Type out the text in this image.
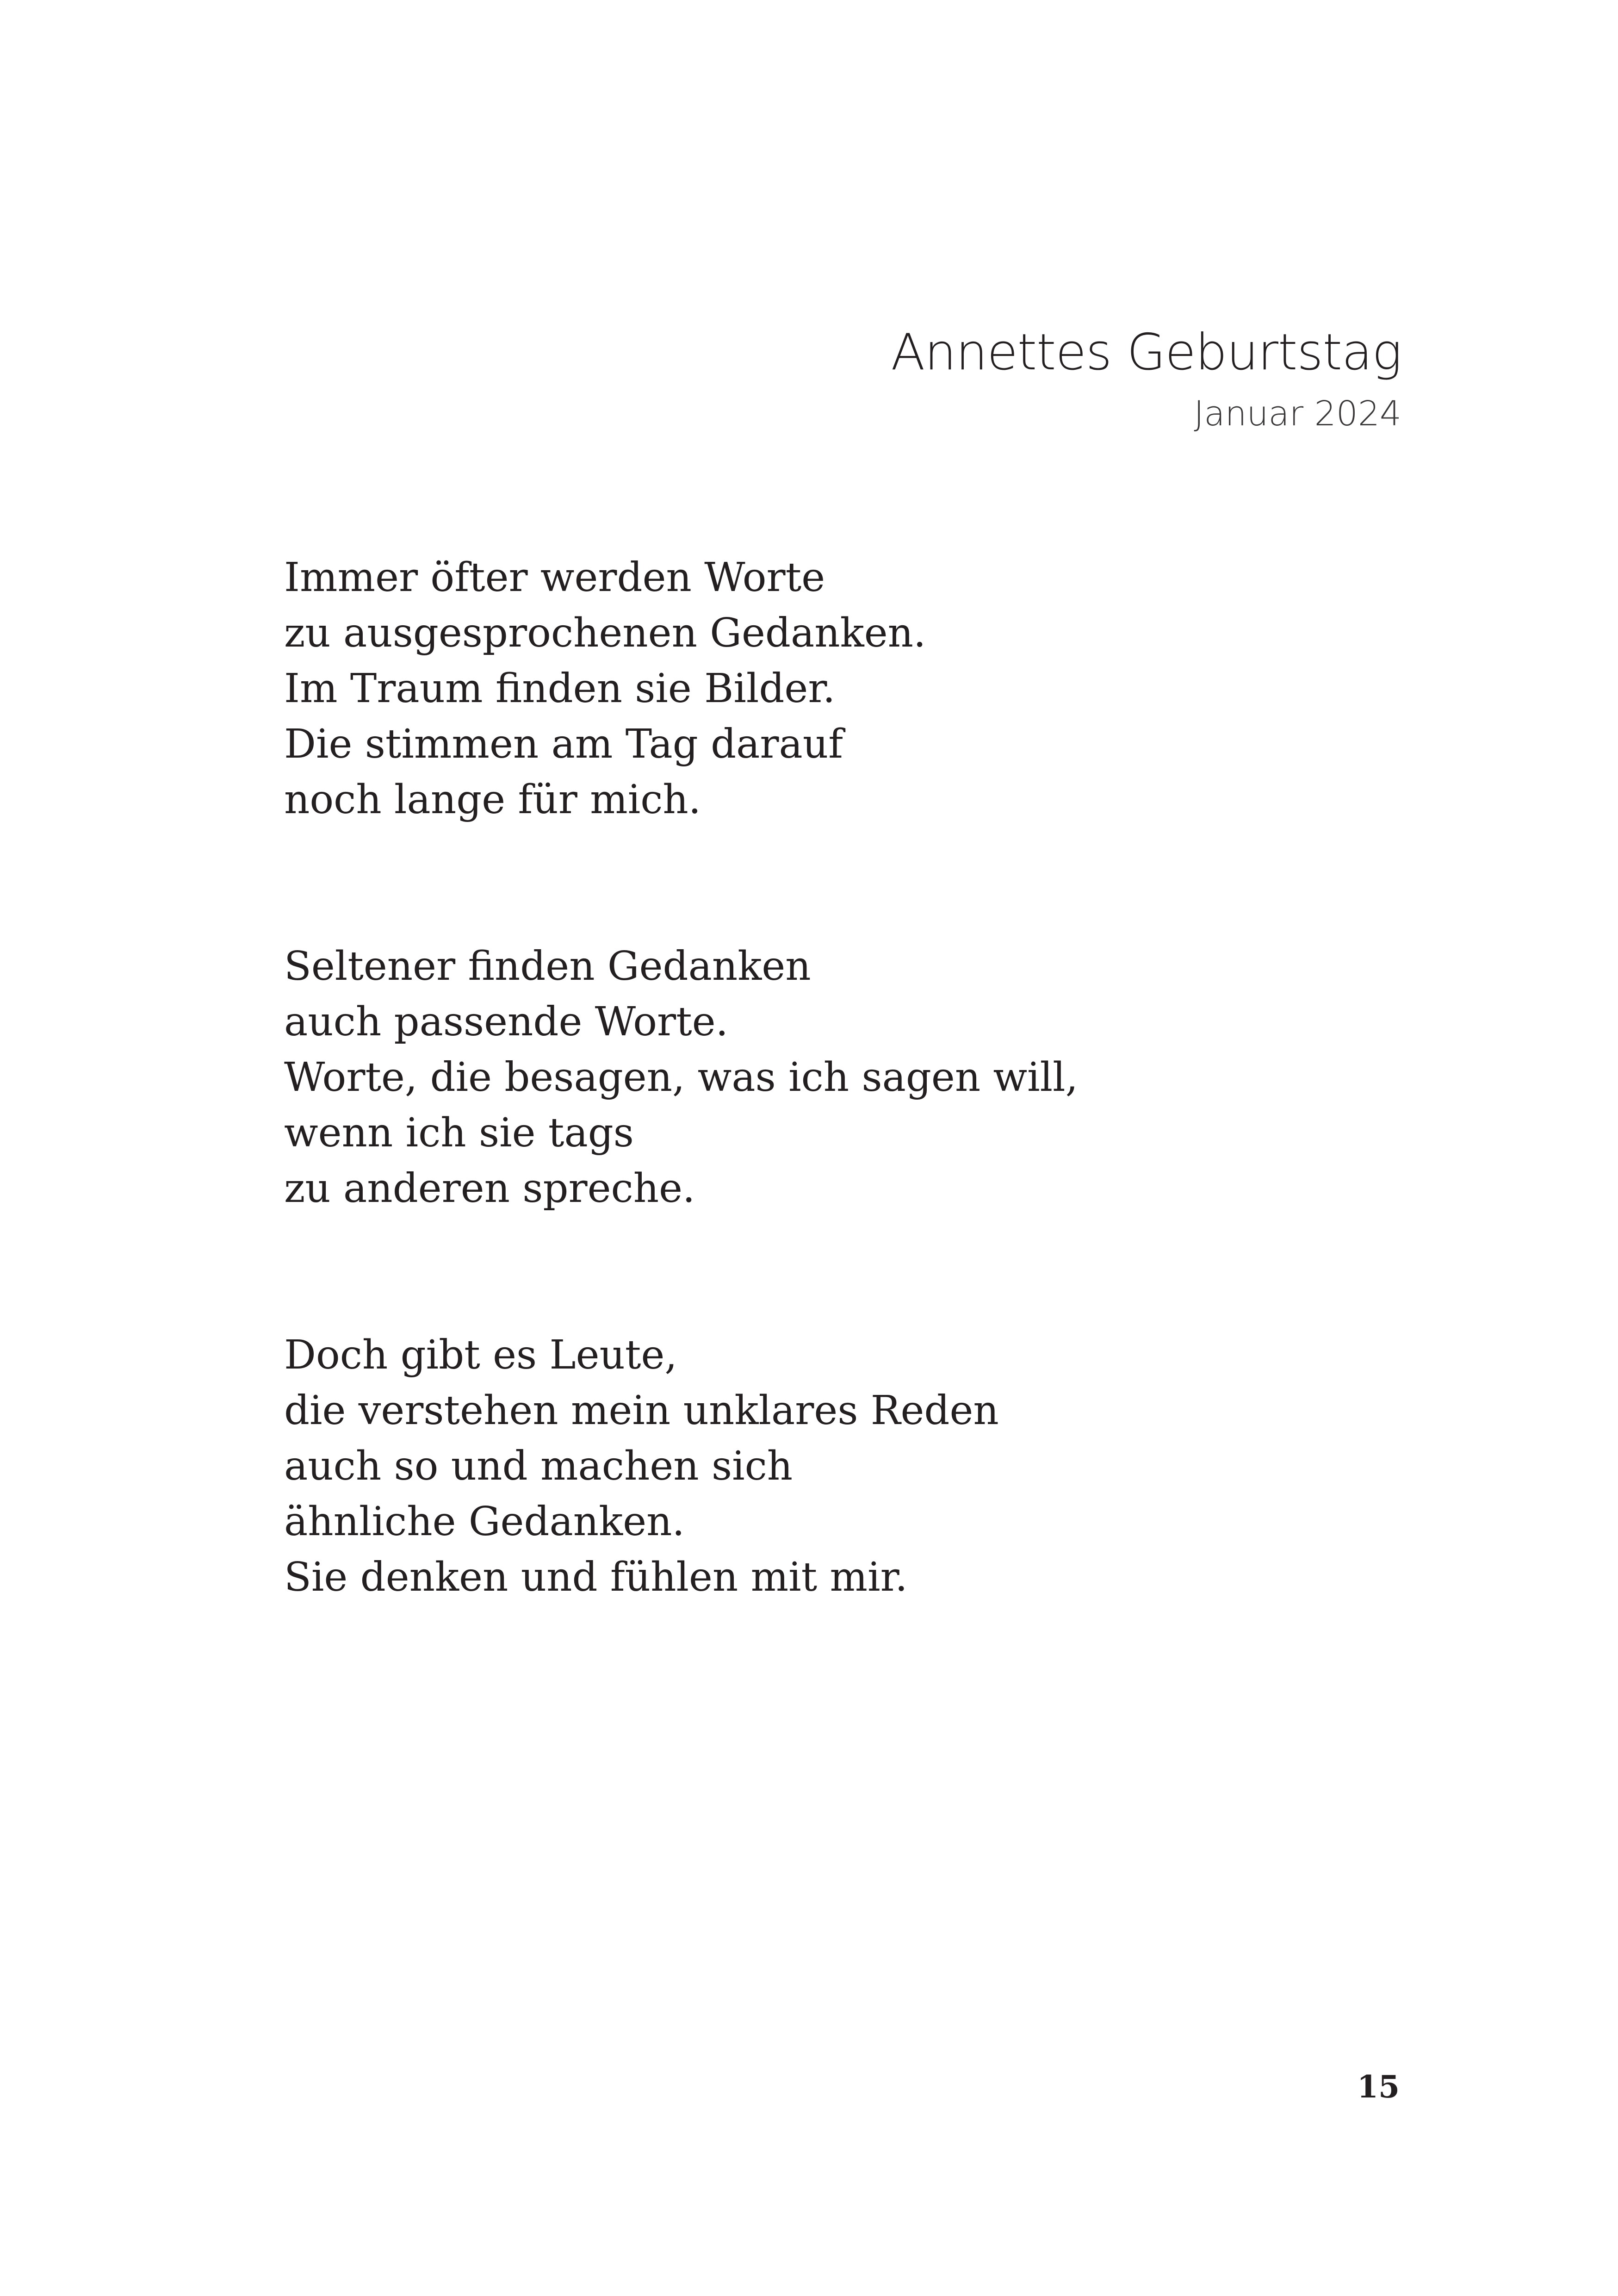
Annettes Geburtstag
Januar 2024
Immer öfter werden Worte
zu ausgesprochenen Gedanken.
Im Traum finden sie Bilder.
Die stimmen am Tag darauf
noch lange für mich.
Seltener finden Gedanken
auch passende Worte.
Worte, die besagen, was ich sagen will,
wenn ich sie tags
zu anderen spreche.
Doch gibt es Leute,
die verstehen mein unklares Reden
auch so und machen sich
ähnliche Gedanken.
Sie denken und fühlen mit mir.
15
